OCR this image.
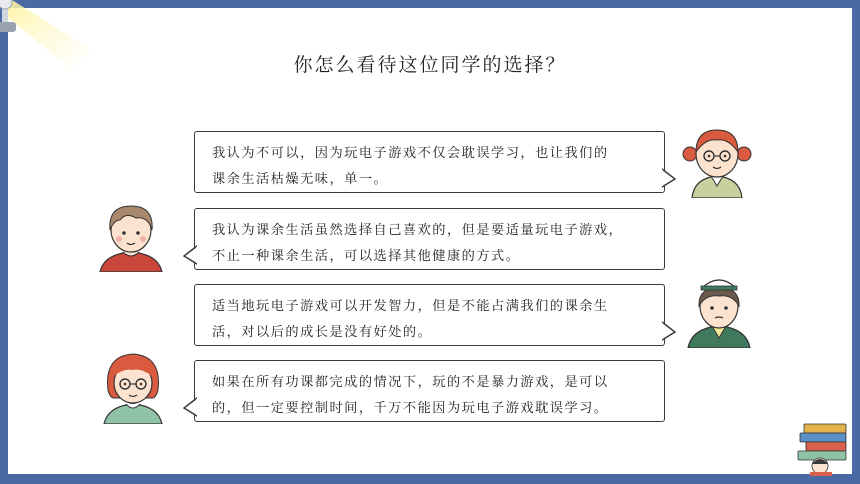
你怎么看待这位同学的选择？
我认为不可以，因为玩电子游戏不仅会耽误学习，也让我们的
课余生活枯燥无味，单一。
我认为课余生活虽然选择自己喜欢的，但是要适量玩电子游戏，
不止一种课余生活，可以选择其他健康的方式。
适当地玩电子游戏可以开发智力，但是不能占满我们的课余生
活，对以后的成长是没有好处的。
如果在所有功课都完成的情况下，玩的不是暴力游戏，是可以
的，但一定要控制时间，千万不能因为玩电子游戏耽误学习。
